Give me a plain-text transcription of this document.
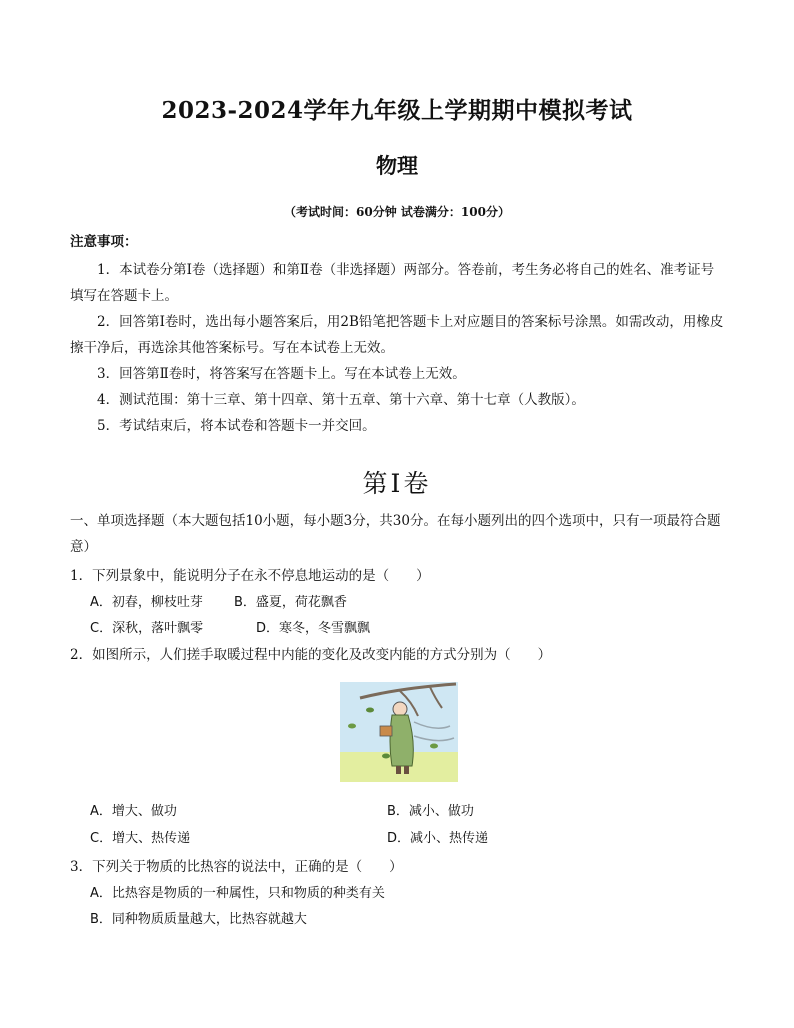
2023-2024学年九年级上学期期中模拟考试
物理
（考试时间：60分钟 试卷满分：100分）
注意事项：

1．本试卷分第Ⅰ卷（选择题）和第Ⅱ卷（非选择题）两部分。答卷前，考生务必将自己的姓名、准考证号填写在答题卡上。

2．回答第Ⅰ卷时，选出每小题答案后，用2B铅笔把答题卡上对应题目的答案标号涂黑。如需改动，用橡皮擦干净后，再选涂其他答案标号。写在本试卷上无效。

3．回答第Ⅱ卷时，将答案写在答题卡上。写在本试卷上无效。

4．测试范围：第十三章、第十四章、第十五章、第十六章、第十七章（人教版）。

5．考试结束后，将本试卷和答题卡一并交回。

第Ⅰ卷
一、单项选择题（本大题包括10小题，每小题3分，共30分。在每小题列出的四个选项中，只有一项最符合题意）
1．下列景象中，能说明分子在永不停息地运动的是（　　）
A．初春，柳枝吐芽 B．盛夏，荷花飘香
C．深秋，落叶飘零	D．寒冬，冬雪飘飘
2．如图所示，人们搓手取暖过程中内能的变化及改变内能的方式分别为（　　）
A．增大、做功	B．减小、做功
C．增大、热传递	D．减小、热传递
3．下列关于物质的比热容的说法中，正确的是（　　）
A．比热容是物质的一种属性，只和物质的种类有关
B．同种物质质量越大，比热容就越大
